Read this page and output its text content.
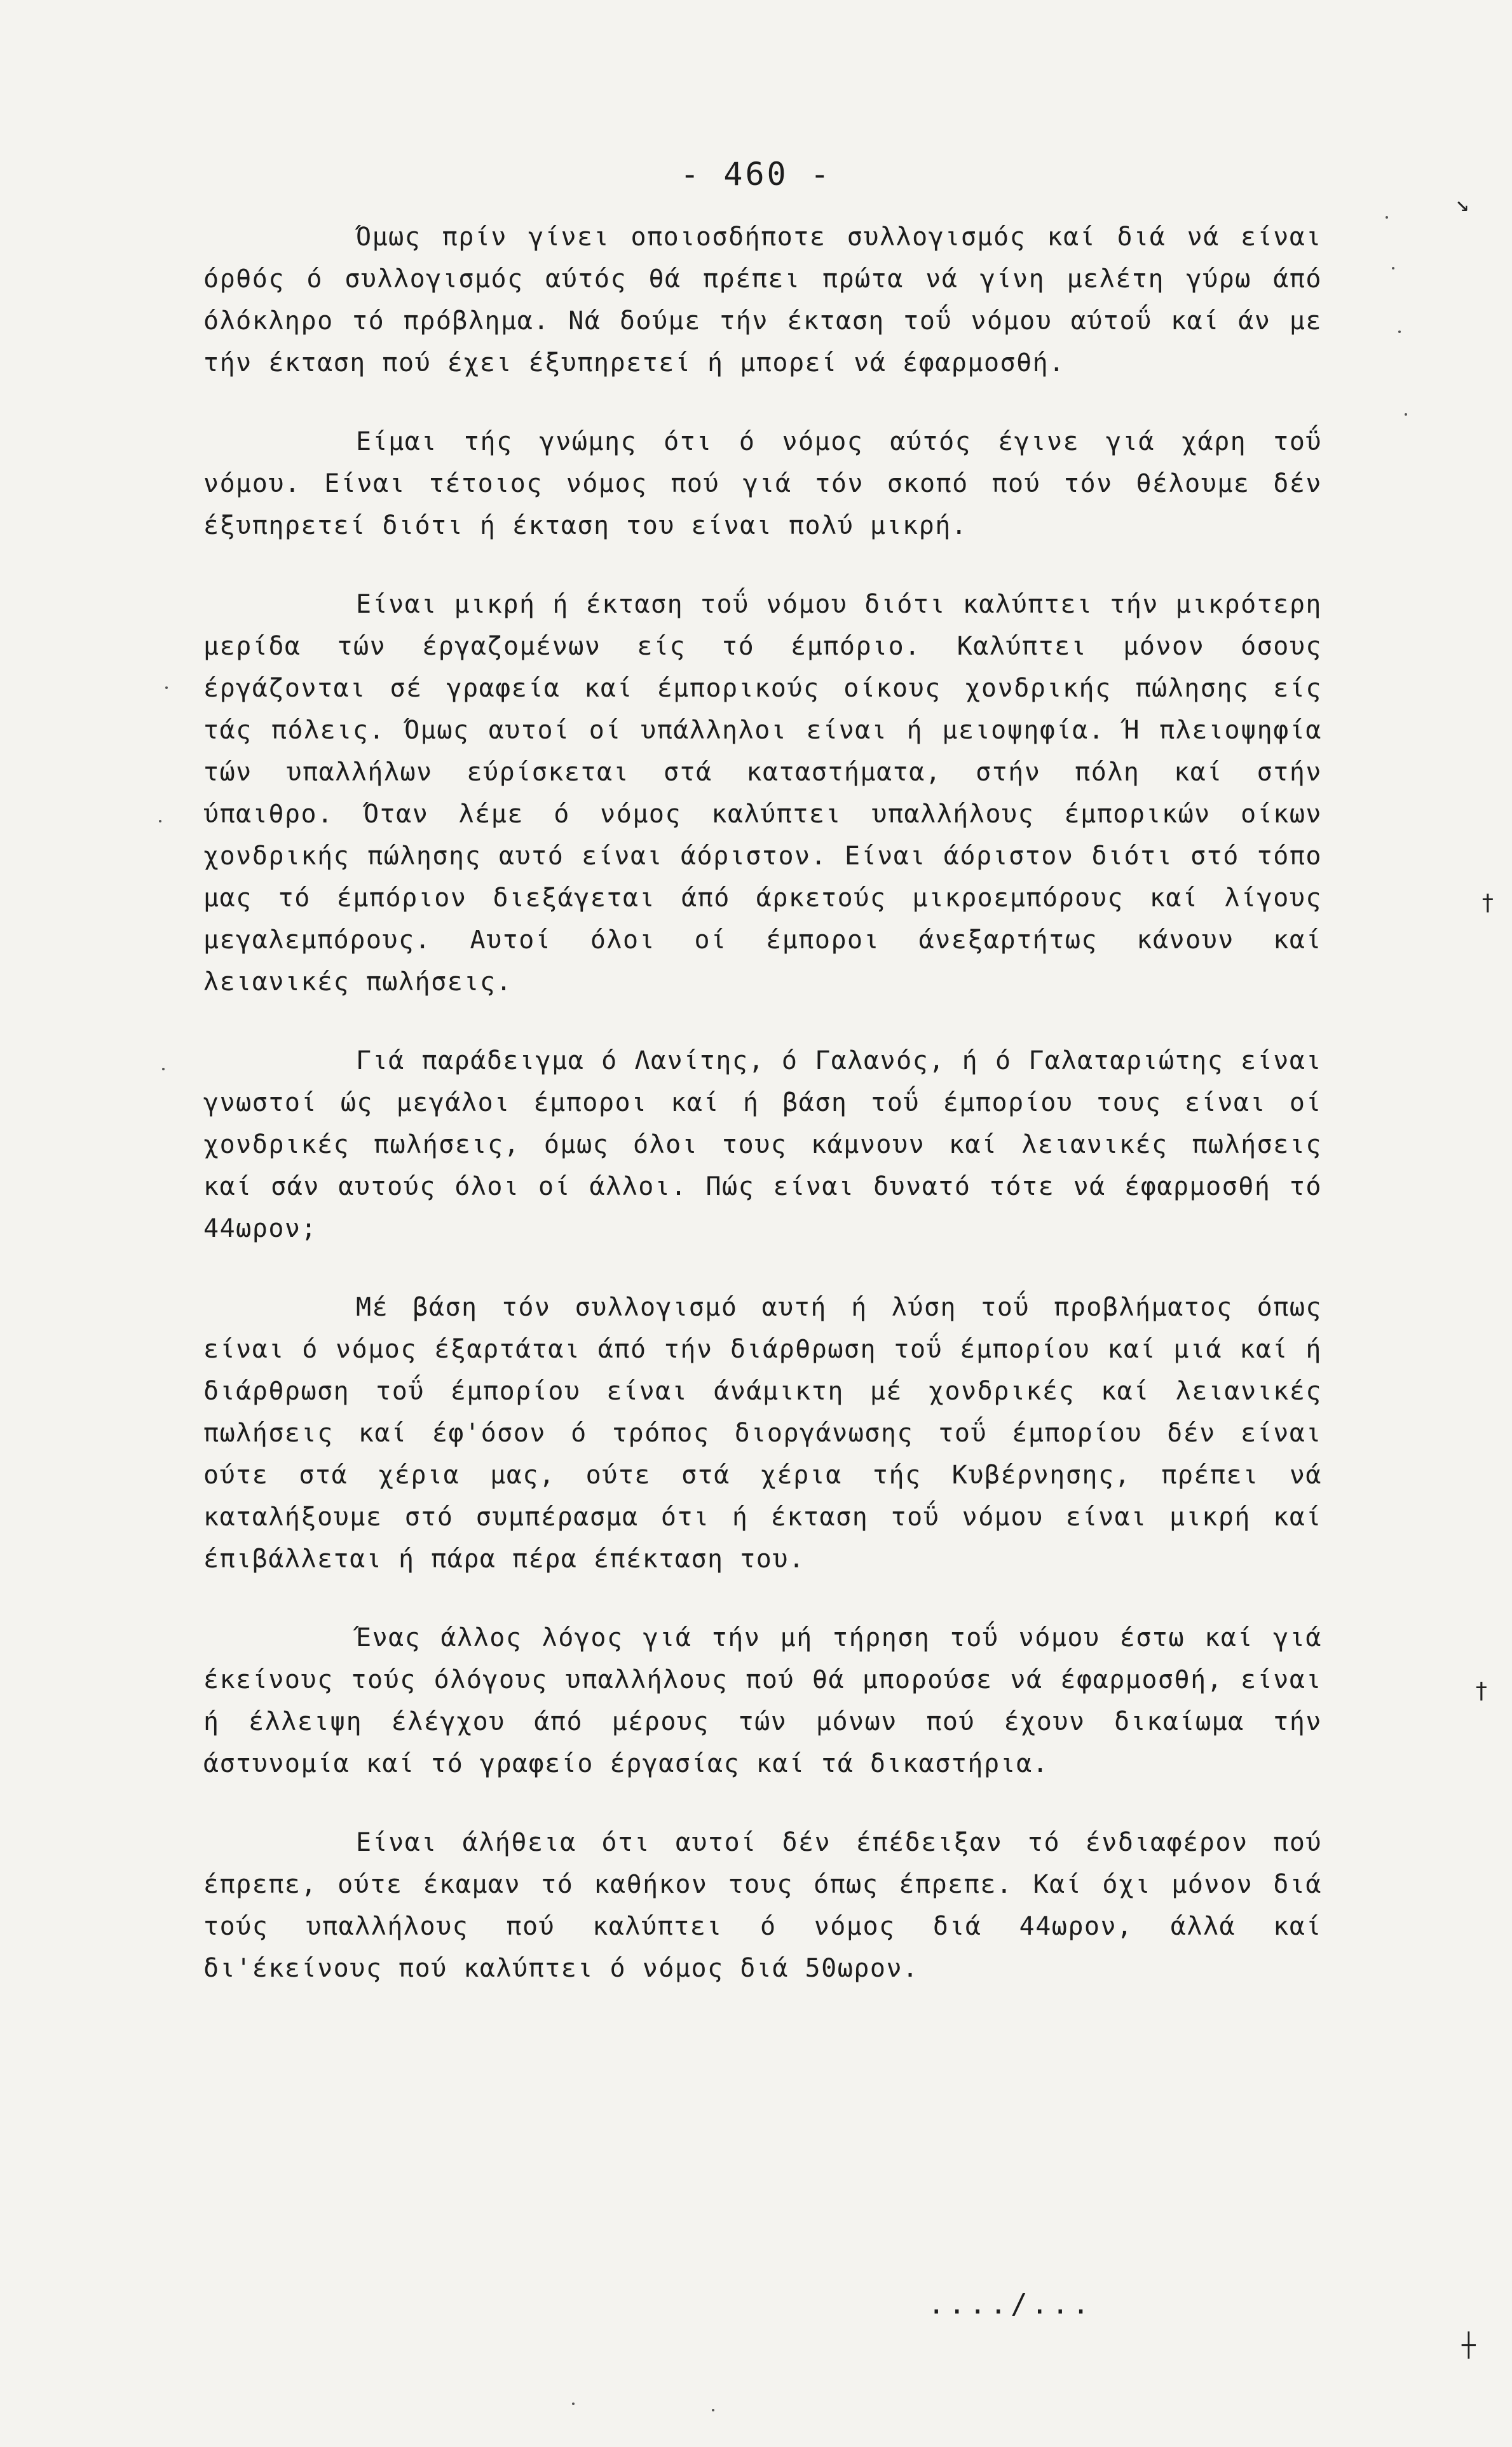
- 460 -

Όμως πρίν γίνει οποιοσδήποτε συλλογισμός καί διά νά είναι όρθός ό συλλογισμός αύτός θά πρέπει πρώτα νά γίνη μελέτη γύρω άπό όλόκληρο τό πρόβλημα. Νά δούμε τήν έκταση τοΰ νόμου αύτοΰ καί άν με τήν έκταση πού έχει έξυπηρετεί ή μπορεί νά έφαρμοσθή.

Είμαι τής γνώμης ότι ό νόμος αύτός έγινε γιά χάρη τοΰ νόμου. Είναι τέτοιος νόμος πού γιά τόν σκοπό πού τόν θέλουμε δέν έξυπηρετεί διότι ή έκταση του είναι πολύ μικρή.

Είναι μικρή ή έκταση τοΰ νόμου διότι καλύπτει τήν μικρότερη μερίδα τών έργαζομένων είς τό έμπόριο. Καλύπτει μόνον όσους έργάζονται σέ γραφεία καί έμπορικούς οίκους χονδρικής πώλησης είς τάς πόλεις. Όμως αυτοί οί υπάλληλοι είναι ή μειοψηφία. Ή πλειοψηφία τών υπαλλήλων εύρίσκεται στά καταστήματα, στήν πόλη καί στήν ύπαιθρο. Όταν λέμε ό νόμος καλύπτει υπαλλήλους έμπορικών οίκων χονδρικής πώλησης αυτό είναι άόριστον. Είναι άόριστον διότι στό τόπο μας τό έμπόριον διεξάγεται άπό άρκετούς μικροεμπόρους καί λίγους μεγαλεμπόρους. Αυτοί όλοι οί έμποροι άνεξαρτήτως κάνουν καί λειανικές πωλήσεις.

Γιά παράδειγμα ό Λανίτης, ό Γαλανός, ή ό Γαλαταριώτης είναι γνωστοί ώς μεγάλοι έμποροι καί ή βάση τοΰ έμπορίου τους είναι οί χονδρικές πωλήσεις, όμως όλοι τους κάμνουν καί λειανικές πωλήσεις καί σάν αυτούς όλοι οί άλλοι. Πώς είναι δυνατό τότε νά έφαρμοσθή τό 44ωρον;

Μέ βάση τόν συλλογισμό αυτή ή λύση τοΰ προβλήματος όπως είναι ό νόμος έξαρτάται άπό τήν διάρθρωση τοΰ έμπορίου καί μιά καί ή διάρθρωση τοΰ έμπορίου είναι άνάμικτη μέ χονδρικές καί λειανικές πωλήσεις καί έφ'όσον ό τρόπος διοργάνωσης τοΰ έμπορίου δέν είναι ούτε στά χέρια μας, ούτε στά χέρια τής Κυβέρνησης, πρέπει νά καταλήξουμε στό συμπέρασμα ότι ή έκταση τοΰ νόμου είναι μικρή καί έπιβάλλεται ή πάρα πέρα έπέκταση του.

Ένας άλλος λόγος γιά τήν μή τήρηση τοΰ νόμου έστω καί γιά έκείνους τούς όλόγους υπαλλήλους πού θά μπορούσε νά έφαρμοσθή, είναι ή έλλειψη έλέγχου άπό μέρους τών μόνων πού έχουν δικαίωμα τήν άστυνομία καί τό γραφείο έργασίας καί τά δικαστήρια.

Είναι άλήθεια ότι αυτοί δέν έπέδειξαν τό ένδιαφέρον πού έπρεπε, ούτε έκαμαν τό καθήκον τους όπως έπρεπε. Καί όχι μόνον διά τούς υπαλλήλους πού καλύπτει ό νόμος διά 44ωρον, άλλά καί δι'έκείνους πού καλύπτει ό νόμος διά 50ωρον.

..../...
↘
†
†
┼
